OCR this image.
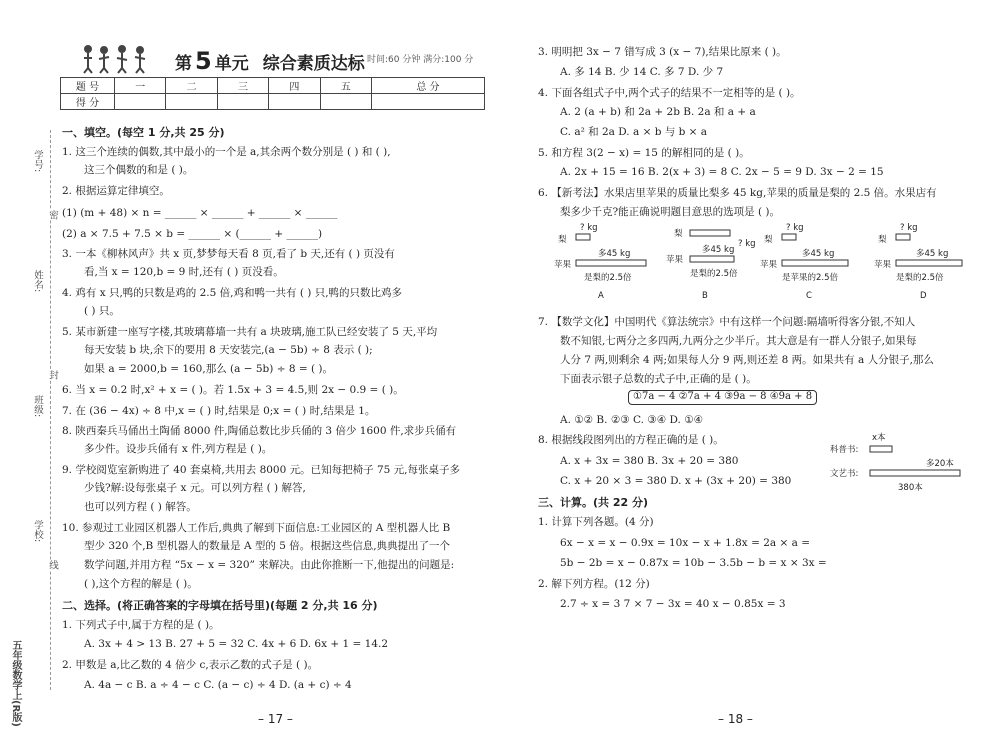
第 5 单元 综合素质达标 时间:60 分钟 满分:100 分
题 号	一	二	三	四	五	总 分
得 分						
学号:
密
姓名:
封
班级:
学校:
线
五年级数学上(R版)
一、填空。(每空 1 分,共 25 分)
1. 这三个连续的偶数,其中最小的一个是 a,其余两个数分别是 ( ) 和 ( ),
这三个偶数的和是 ( )。
2. 根据运算定律填空。
(1) (m + 48) × n = ______ × ______ + ______ × ______
(2) a × 7.5 + 7.5 × b = ______ × (______ + ______)
3. 一本《柳林风声》共 x 页,梦梦每天看 8 页,看了 b 天,还有 ( ) 页没有
看,当 x = 120,b = 9 时,还有 ( ) 页没看。
4. 鸡有 x 只,鸭的只数是鸡的 2.5 倍,鸡和鸭一共有 ( ) 只,鸭的只数比鸡多
( ) 只。
5. 某市新建一座写字楼,其玻璃幕墙一共有 a 块玻璃,施工队已经安装了 5 天,平均
每天安装 b 块,余下的要用 8 天安装完,(a − 5b) ÷ 8 表示 ( );
如果 a = 2000,b = 160,那么 (a − 5b) ÷ 8 = ( )。
6. 当 x = 0.2 时,x² + x = ( )。若 1.5x + 3 = 4.5,则 2x − 0.9 = ( )。
7. 在 (36 − 4x) ÷ 8 中,x = ( ) 时,结果是 0;x = ( ) 时,结果是 1。
8. 陕西秦兵马俑出土陶俑 8000 件,陶俑总数比步兵俑的 3 倍少 1600 件,求步兵俑有
多少件。设步兵俑有 x 件,列方程是 ( )。
9. 学校阅览室新购进了 40 套桌椅,共用去 8000 元。已知每把椅子 75 元,每张桌子多
少钱?解:设每张桌子 x 元。可以列方程 ( ) 解答,
也可以列方程 ( ) 解答。
10. 参观过工业园区机器人工作后,典典了解到下面信息:工业园区的 A 型机器人比 B
型少 320 个,B 型机器人的数量是 A 型的 5 倍。根据这些信息,典典提出了一个
数学问题,并用方程 “5x − x = 320” 来解决。由此你推断一下,他提出的问题是:
( ),这个方程的解是 ( )。
二、选择。(将正确答案的字母填在括号里)(每题 2 分,共 16 分)
1. 下列式子中,属于方程的是 ( )。
A. 3x + 4 > 13 B. 27 + 5 = 32 C. 4x + 6 D. 6x + 1 = 14.2
2. 甲数是 a,比乙数的 4 倍少 c,表示乙数的式子是 ( )。
A. 4a − c B. a ÷ 4 − c C. (a − c) ÷ 4 D. (a + c) ÷ 4
– 17 –
3. 明明把 3x − 7 错写成 3 (x − 7),结果比原来 ( )。
A. 多 14 B. 少 14 C. 多 7 D. 少 7
4. 下面各组式子中,两个式子的结果不一定相等的是 ( )。
A. 2 (a + b) 和 2a + 2b B. 2a 和 a + a
C. a² 和 2a D. a × b 与 b × a
5. 和方程 3(2 − x) = 15 的解相同的是 ( )。
A. 2x + 15 = 16 B. 2(x + 3) = 8 C. 2x − 5 = 9 D. 3x − 2 = 15
6. 【新考法】水果店里苹果的质量比梨多 45 kg,苹果的质量是梨的 2.5 倍。水果店有
梨多少千克?能正确说明题目意思的选项是 ( )。
7. 【数学文化】中国明代《算法统宗》中有这样一个问题:隔墙听得客分银,不知人
数不知银,七两分之多四两,九两分之少半斤。其大意是有一群人分银子,如果每
人分 7 两,则剩余 4 两;如果每人分 9 两,则还差 8 两。如果共有 a 人分银子,那么
下面表示银子总数的式子中,正确的是 ( )。
A. ①② B. ②③ C. ③④ D. ①④
8. 根据线段图列出的方程正确的是 ( )。
A. x + 3x = 380 B. 3x + 20 = 380
C. x + 20 × 3 = 380 D. x + (3x + 20) = 380
三、计算。(共 22 分)
1. 计算下列各题。(4 分)
6x − x = x − 0.9x = 10x − x + 1.8x = 2a × a =
5b − 2b = x − 0.87x = 10b − 3.5b − b = x × 3x =
2. 解下列方程。(12 分)
2.7 ÷ x = 3 7 × 7 − 3x = 40 x − 0.85x = 3
梨
? kg
苹果
多45 kg
是梨的2.5倍
A
梨
? kg
苹果
多45 kg
是梨的2.5倍
B
梨
? kg
苹果
多45 kg
是苹果的2.5倍
C
梨
? kg
苹果
多45 kg
是梨的2.5倍
D
①7a − 4 ②7a + 4 ③9a − 8 ④9a + 8
x本
科普书:
多20本
文艺书:
380本
– 18 –
